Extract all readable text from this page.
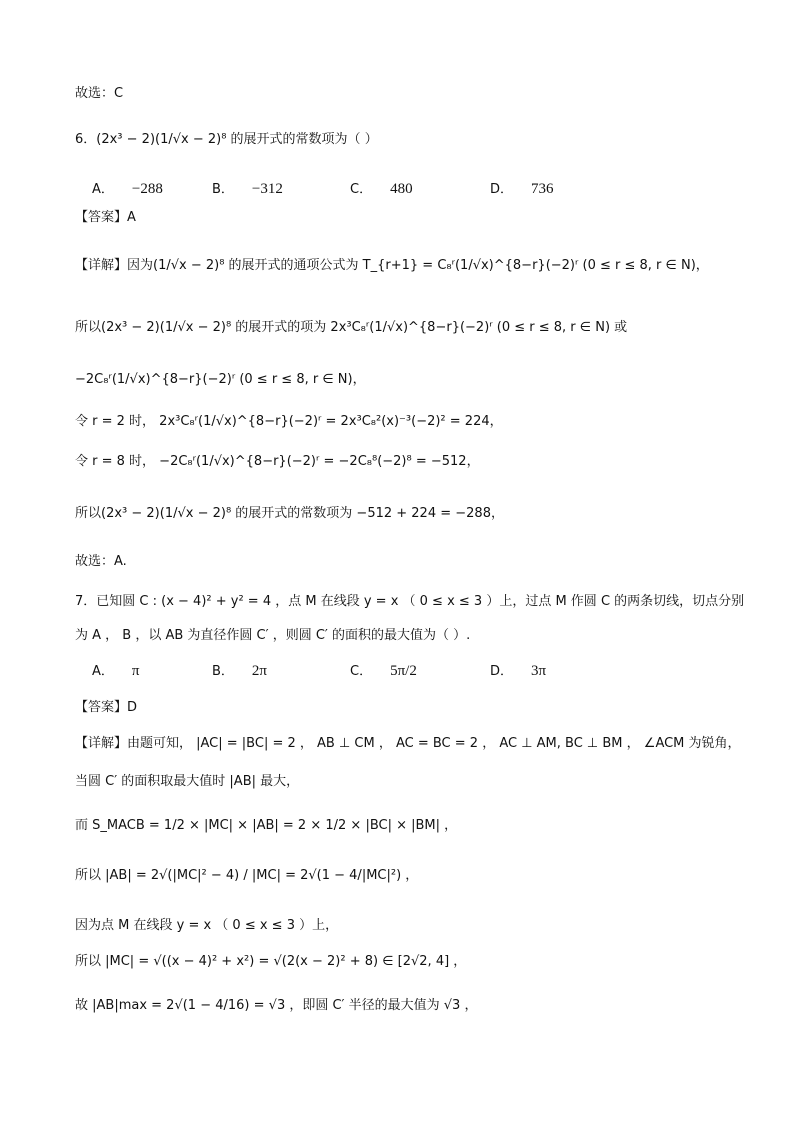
故选：C
6．(2x³ − 2)(1/√x − 2)⁸ 的展开式的常数项为（ ）
A． −288	B． −312	C． 480	D． 736
【答案】A
【详解】因为(1/√x − 2)⁸ 的展开式的通项公式为 T_{r+1} = C₈ʳ(1/√x)^{8−r}(−2)ʳ (0 ≤ r ≤ 8, r ∈ N)，
所以(2x³ − 2)(1/√x − 2)⁸ 的展开式的项为 2x³C₈ʳ(1/√x)^{8−r}(−2)ʳ (0 ≤ r ≤ 8, r ∈ N) 或
−2C₈ʳ(1/√x)^{8−r}(−2)ʳ (0 ≤ r ≤ 8, r ∈ N)，
令 r = 2 时， 2x³C₈ʳ(1/√x)^{8−r}(−2)ʳ = 2x³C₈²(x)⁻³(−2)² = 224，
令 r = 8 时， −2C₈ʳ(1/√x)^{8−r}(−2)ʳ = −2C₈⁸(−2)⁸ = −512，
所以(2x³ − 2)(1/√x − 2)⁸ 的展开式的常数项为 −512 + 224 = −288，
故选：A.
7．已知圆 C : (x − 4)² + y² = 4 ，点 M 在线段 y = x （ 0 ≤ x ≤ 3 ）上，过点 M 作圆 C 的两条切线，切点分别
为 A ， B ，以 AB 为直径作圆 C′ ，则圆 C′ 的面积的最大值为（ ）.
A． π	B． 2π	C． 5π/2	D． 3π
【答案】D
【详解】由题可知， |AC| = |BC| = 2 ， AB ⊥ CM ， AC = BC = 2 ， AC ⊥ AM, BC ⊥ BM ， ∠ACM 为锐角，
当圆 C′ 的面积取最大值时 |AB| 最大，
而 S_MACB = 1/2 × |MC| × |AB| = 2 × 1/2 × |BC| × |BM| ，
所以 |AB| = 2√(|MC|² − 4) / |MC| = 2√(1 − 4/|MC|²) ，
因为点 M 在线段 y = x （ 0 ≤ x ≤ 3 ）上，
所以 |MC| = √((x − 4)² + x²) = √(2(x − 2)² + 8) ∈ [2√2, 4] ，
故 |AB|max = 2√(1 − 4/16) = √3 ，即圆 C′ 半径的最大值为 √3 ，
